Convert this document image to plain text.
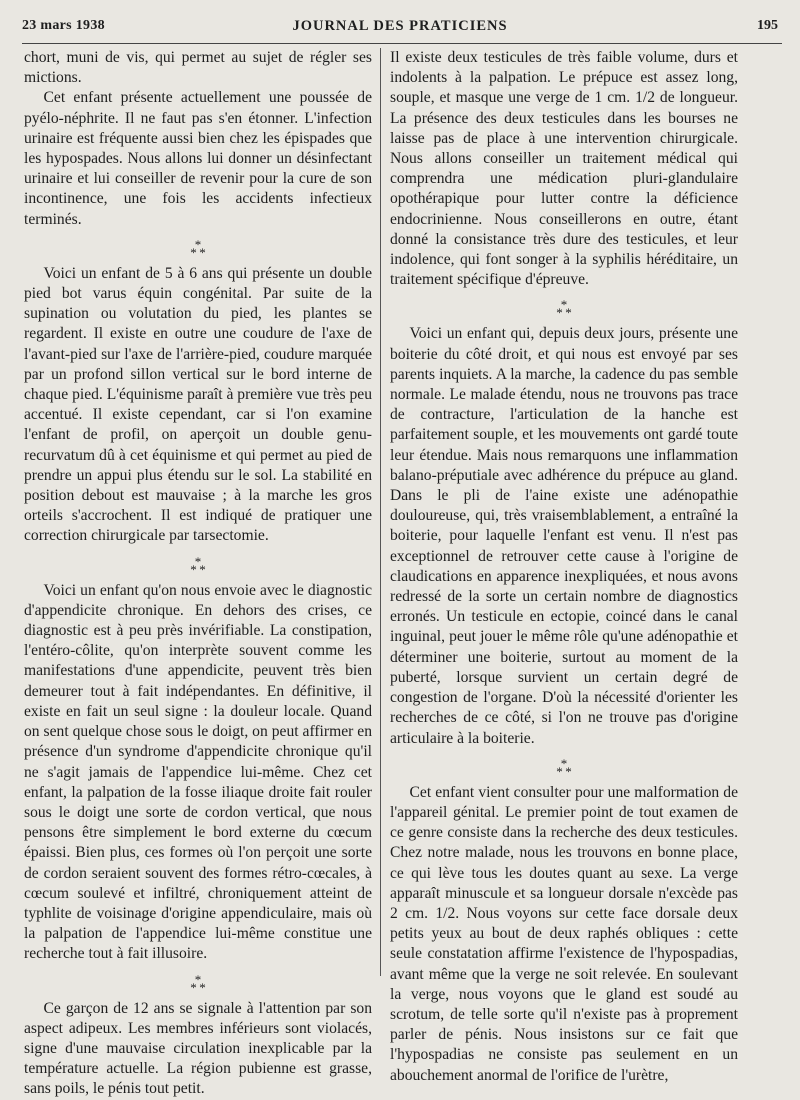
23 mars 1938	JOURNAL DES PRATICIENS	195

chort, muni de vis, qui permet au sujet de régler ses mictions.

Cet enfant présente actuellement une poussée de pyélo-néphrite. Il ne faut pas s'en étonner. L'infection urinaire est fréquente aussi bien chez les épispades que les hypospades. Nous allons lui donner un désinfectant urinaire et lui conseiller de revenir pour la cure de son incontinence, une fois les accidents infectieux terminés.

*
* *

Voici un enfant de 5 à 6 ans qui présente un double pied bot varus équin congénital. Par suite de la supination ou volutation du pied, les plantes se regardent. Il existe en outre une coudure de l'axe de l'avant-pied sur l'axe de l'arrière-pied, coudure marquée par un profond sillon vertical sur le bord interne de chaque pied. L'équinisme paraît à première vue très peu accentué. Il existe cependant, car si l'on examine l'enfant de profil, on aperçoit un double genu-recurvatum dû à cet équinisme et qui permet au pied de prendre un appui plus étendu sur le sol. La stabilité en position debout est mauvaise ; à la marche les gros orteils s'accrochent. Il est indiqué de pratiquer une correction chirurgicale par tarsectomie.

*
* *

Voici un enfant qu'on nous envoie avec le diagnostic d'appendicite chronique. En dehors des crises, ce diagnostic est à peu près invérifiable. La constipation, l'entéro-côlite, qu'on interprète souvent comme les manifestations d'une appendicite, peuvent très bien demeurer tout à fait indépendantes. En définitive, il existe en fait un seul signe : la douleur locale. Quand on sent quelque chose sous le doigt, on peut affirmer en présence d'un syndrome d'appendicite chronique qu'il ne s'agit jamais de l'appendice lui-même. Chez cet enfant, la palpation de la fosse iliaque droite fait rouler sous le doigt une sorte de cordon vertical, que nous pensons être simplement le bord externe du cœcum épaissi. Bien plus, ces formes où l'on perçoit une sorte de cordon seraient souvent des formes rétro-cœcales, à cœcum soulevé et infiltré, chroniquement atteint de typhlite de voisinage d'origine appendiculaire, mais où la palpation de l'appendice lui-même constitue une recherche tout à fait illusoire.

*
* *

Ce garçon de 12 ans se signale à l'attention par son aspect adipeux. Les membres inférieurs sont violacés, signe d'une mauvaise circulation inexplicable par la température actuelle. La région pubienne est grasse, sans poils, le pénis tout petit.

Il existe deux testicules de très faible volume, durs et indolents à la palpation. Le prépuce est assez long, souple, et masque une verge de 1 cm. 1/2 de longueur. La présence des deux testicules dans les bourses ne laisse pas de place à une intervention chirurgicale. Nous allons conseiller un traitement médical qui comprendra une médication pluri-glandulaire opothérapique pour lutter contre la déficience endocrinienne. Nous conseillerons en outre, étant donné la consistance très dure des testicules, et leur indolence, qui font songer à la syphilis héréditaire, un traitement spécifique d'épreuve.

*
* *

Voici un enfant qui, depuis deux jours, présente une boiterie du côté droit, et qui nous est envoyé par ses parents inquiets. A la marche, la cadence du pas semble normale. Le malade étendu, nous ne trouvons pas trace de contracture, l'articulation de la hanche est parfaitement souple, et les mouvements ont gardé toute leur étendue. Mais nous remarquons une inflammation balano-préputiale avec adhérence du prépuce au gland. Dans le pli de l'aine existe une adénopathie douloureuse, qui, très vraisemblablement, a entraîné la boiterie, pour laquelle l'enfant est venu. Il n'est pas exceptionnel de retrouver cette cause à l'origine de claudications en apparence inexpliquées, et nous avons redressé de la sorte un certain nombre de diagnostics erronés. Un testicule en ectopie, coincé dans le canal inguinal, peut jouer le même rôle qu'une adénopathie et déterminer une boiterie, surtout au moment de la puberté, lorsque survient un certain degré de congestion de l'organe. D'où la nécessité d'orienter les recherches de ce côté, si l'on ne trouve pas d'origine articulaire à la boiterie.

*
* *

Cet enfant vient consulter pour une malformation de l'appareil génital. Le premier point de tout examen de ce genre consiste dans la recherche des deux testicules. Chez notre malade, nous les trouvons en bonne place, ce qui lève tous les doutes quant au sexe. La verge apparaît minuscule et sa longueur dorsale n'excède pas 2 cm. 1/2. Nous voyons sur cette face dorsale deux petits yeux au bout de deux raphés obliques : cette seule constatation affirme l'existence de l'hypospadias, avant même que la verge ne soit relevée. En soulevant la verge, nous voyons que le gland est soudé au scrotum, de telle sorte qu'il n'existe pas à proprement parler de pénis. Nous insistons sur ce fait que l'hypospadias ne consiste pas seulement en un abouchement anormal de l'orifice de l'urètre,
